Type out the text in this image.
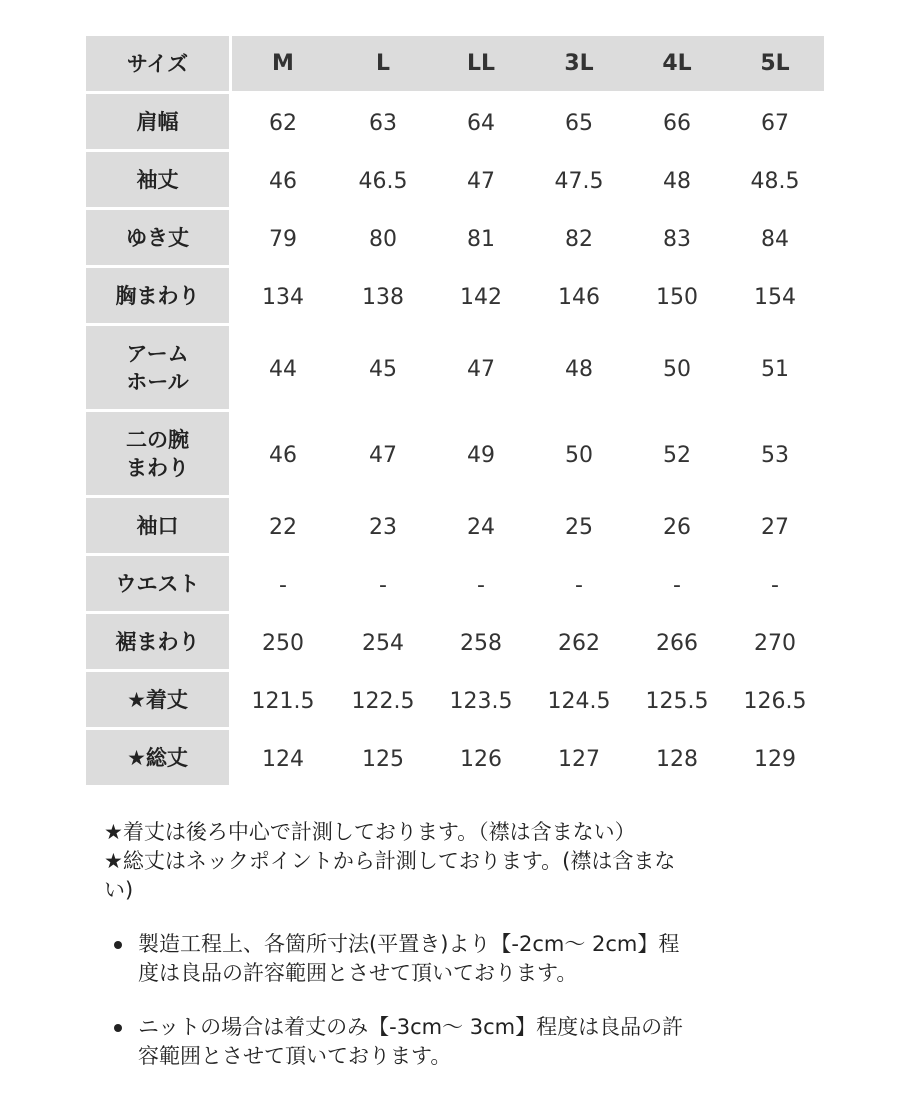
サイズ	M	L	LL	3L	4L	5L
肩幅	62	63	64	65	66	67
袖丈	46	46.5	47	47.5	48	48.5
ゆき丈	79	80	81	82	83	84
胸まわり	134	138	142	146	150	154

アーム
ホール	44	45	47	48	50	51

二の腕
まわり	46	47	49	50	52	53
袖口	22	23	24	25	26	27
ウエスト	-	-	-	-	-	-
裾まわり	250	254	258	262	266	270
★着丈	121.5	122.5	123.5	124.5	125.5	126.5
★総丈	124	125	126	127	128	129

★着丈は後ろ中心で計測しております。（襟は含まない）

★総丈はネックポイントから計測しております。(襟は含まな

い)

製造工程上、各箇所寸法(平置き)より【-2cm～ 2cm】程
度は良品の許容範囲とさせて頂いております。
ニットの場合は着丈のみ【-3cm～ 3cm】程度は良品の許
容範囲とさせて頂いております。
